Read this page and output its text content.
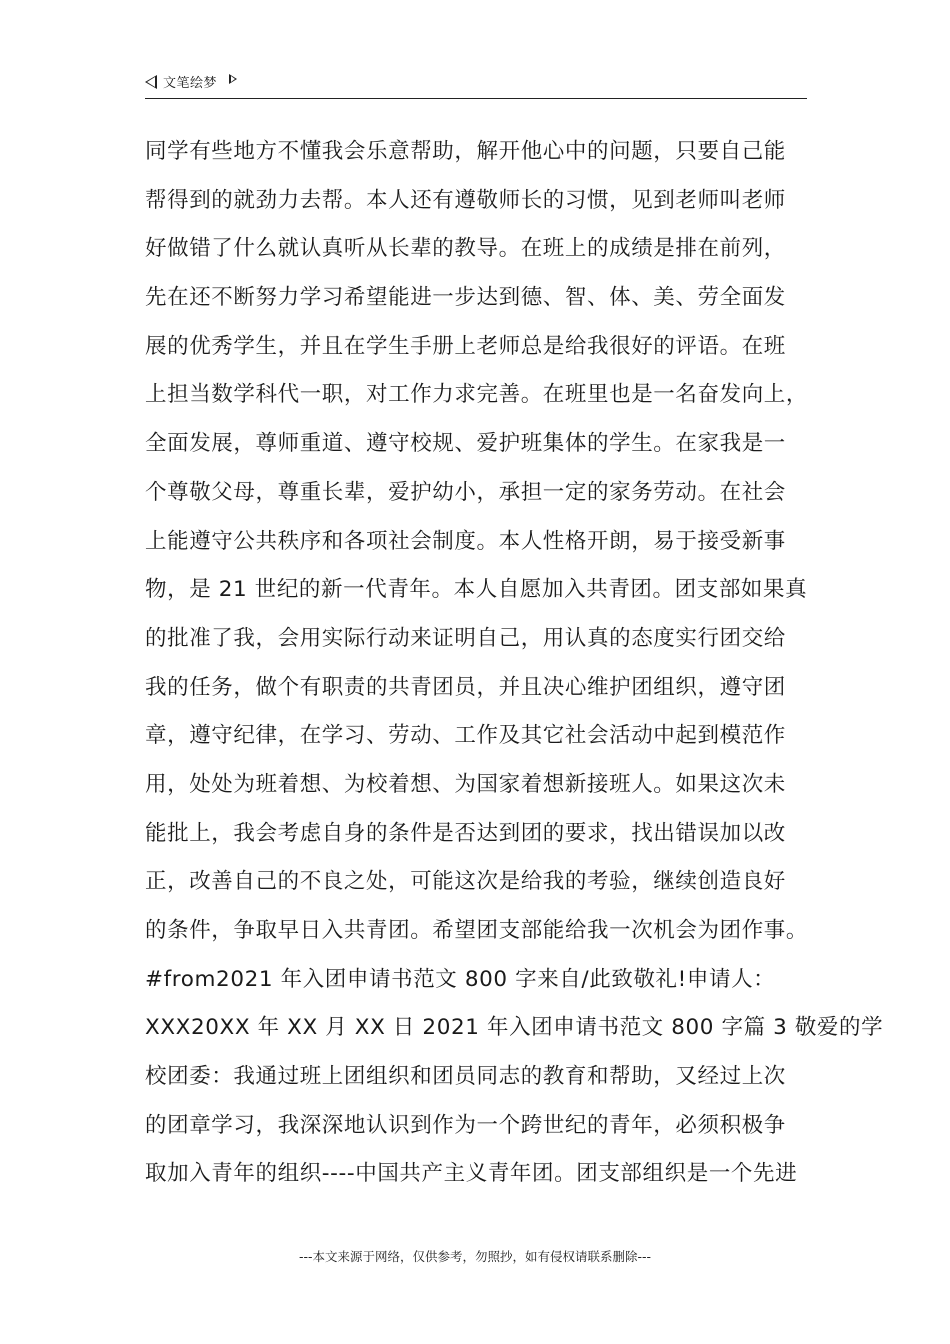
文笔绘梦
同学有些地方不懂我会乐意帮助，解开他心中的问题，只要自己能
帮得到的就劲力去帮。本人还有遵敬师长的习惯，见到老师叫老师
好做错了什么就认真听从长辈的教导。在班上的成绩是排在前列，
先在还不断努力学习希望能进一步达到德、智、体、美、劳全面发
展的优秀学生，并且在学生手册上老师总是给我很好的评语。在班
上担当数学科代一职，对工作力求完善。在班里也是一名奋发向上，
全面发展，尊师重道、遵守校规、爱护班集体的学生。在家我是一
个尊敬父母，尊重长辈，爱护幼小，承担一定的家务劳动。在社会
上能遵守公共秩序和各项社会制度。本人性格开朗，易于接受新事
物，是 21 世纪的新一代青年。本人自愿加入共青团。团支部如果真
的批准了我，会用实际行动来证明自己，用认真的态度实行团交给
我的任务，做个有职责的共青团员，并且决心维护团组织，遵守团
章，遵守纪律，在学习、劳动、工作及其它社会活动中起到模范作
用，处处为班着想、为校着想、为国家着想新接班人。如果这次未
能批上，我会考虑自身的条件是否达到团的要求，找出错误加以改
正，改善自己的不良之处，可能这次是给我的考验，继续创造良好
的条件，争取早日入共青团。希望团支部能给我一次机会为团作事。
#from2021 年入团申请书范文 800 字来自/此致敬礼!申请人：
XXX20XX 年 XX 月 XX 日 2021 年入团申请书范文 800 字篇 3 敬爱的学
校团委：我通过班上团组织和团员同志的教育和帮助，又经过上次
的团章学习，我深深地认识到作为一个跨世纪的青年，必须积极争
取加入青年的组织----中国共产主义青年团。团支部组织是一个先进
---本文来源于网络，仅供参考，勿照抄，如有侵权请联系删除---
